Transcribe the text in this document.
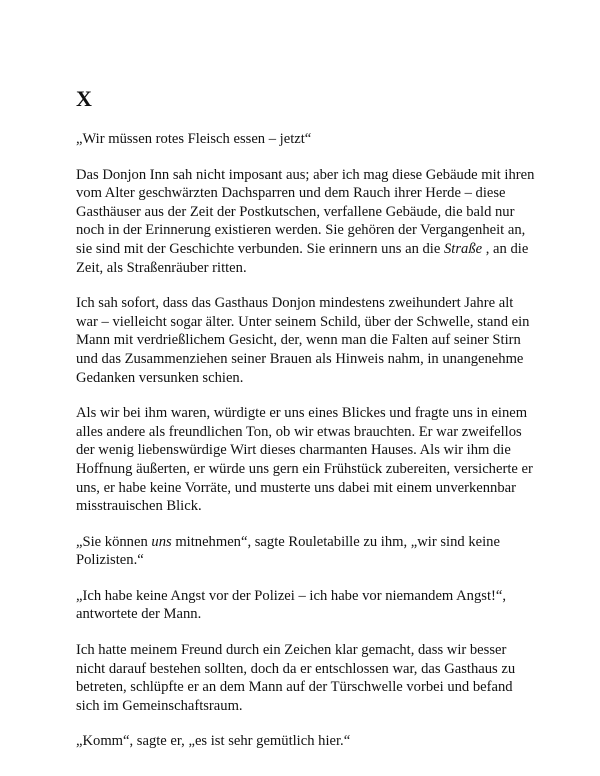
X

„Wir müssen rotes Fleisch essen – jetzt“

Das Donjon Inn sah nicht imposant aus; aber ich mag diese Gebäude mit ihren vom Alter geschwärzten Dachsparren und dem Rauch ihrer Herde – diese Gasthäuser aus der Zeit der Postkutschen, verfallene Gebäude, die bald nur noch in der Erinnerung existieren werden. Sie gehören der Vergangenheit an, sie sind mit der Geschichte verbunden. Sie erinnern uns an die Straße , an die Zeit, als Straßenräuber ritten.

Ich sah sofort, dass das Gasthaus Donjon mindestens zweihundert Jahre alt war – vielleicht sogar älter. Unter seinem Schild, über der Schwelle, stand ein Mann mit verdrießlichem Gesicht, der, wenn man die Falten auf seiner Stirn und das Zusammenziehen seiner Brauen als Hinweis nahm, in unangenehme Gedanken versunken schien.

Als wir bei ihm waren, würdigte er uns eines Blickes und fragte uns in einem alles andere als freundlichen Ton, ob wir etwas brauchten. Er war zweifellos der wenig liebenswürdige Wirt dieses charmanten Hauses. Als wir ihm die Hoffnung äußerten, er würde uns gern ein Frühstück zubereiten, versicherte er uns, er habe keine Vorräte, und musterte uns dabei mit einem unverkennbar misstrauischen Blick.

„Sie können uns mitnehmen“, sagte Rouletabille zu ihm, „wir sind keine Polizisten.“

„Ich habe keine Angst vor der Polizei – ich habe vor niemandem Angst!“, antwortete der Mann.

Ich hatte meinem Freund durch ein Zeichen klar gemacht, dass wir besser nicht darauf bestehen sollten, doch da er entschlossen war, das Gasthaus zu betreten, schlüpfte er an dem Mann auf der Türschwelle vorbei und befand sich im Gemeinschaftsraum.

„Komm“, sagte er, „es ist sehr gemütlich hier.“
